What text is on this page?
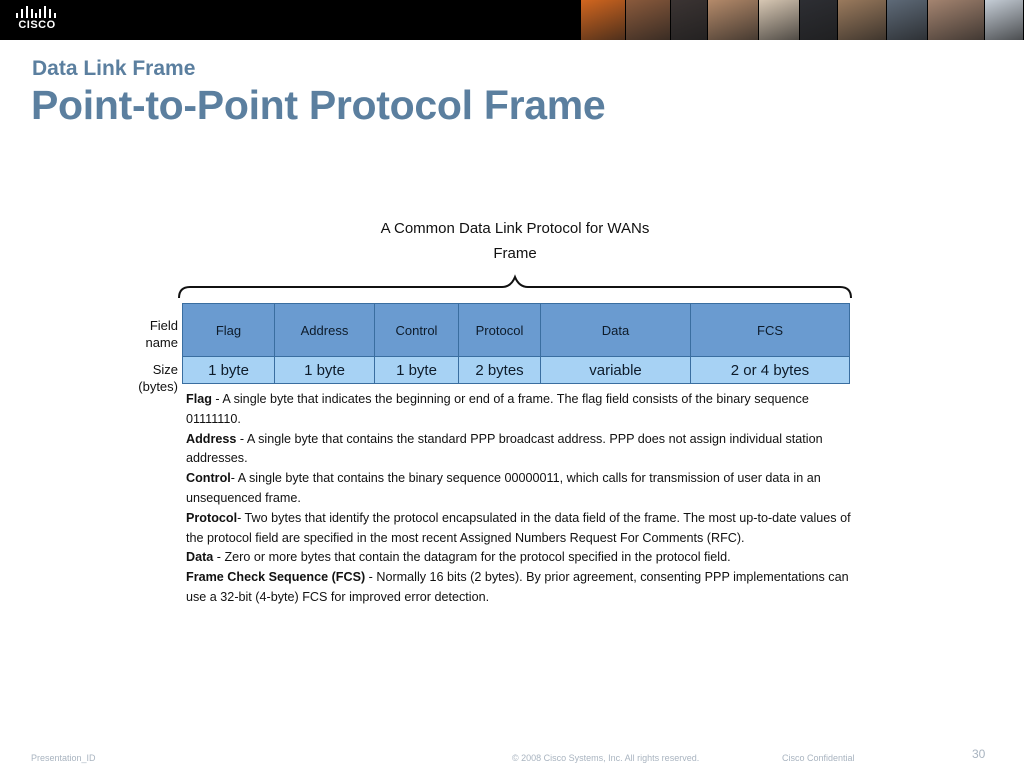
CISCO
Data Link Frame
Point-to-Point Protocol Frame
A Common Data Link Protocol for WANs
Frame
Field
name
Size
(bytes)
Flag	Address	Control	Protocol	Data	FCS
1 byte	1 byte	1 byte	2 bytes	variable	2 or 4 bytes

Flag - A single byte that indicates the beginning or end of a frame. The flag field consists of the binary sequence 01111110.

Address - A single byte that contains the standard PPP broadcast address. PPP does not assign individual station addresses.

Control- A single byte that contains the binary sequence 00000011, which calls for transmission of user data in an unsequenced frame.

Protocol- Two bytes that identify the protocol encapsulated in the data field of the frame. The most up-to-date values of the protocol field are specified in the most recent Assigned Numbers Request For Comments (RFC).

Data - Zero or more bytes that contain the datagram for the protocol specified in the protocol field.

Frame Check Sequence (FCS) - Normally 16 bits (2 bytes). By prior agreement, consenting PPP implementations can use a 32-bit (4-byte) FCS for improved error detection.

Presentation_ID	© 2008 Cisco Systems, Inc. All rights reserved.	Cisco Confidential	30
